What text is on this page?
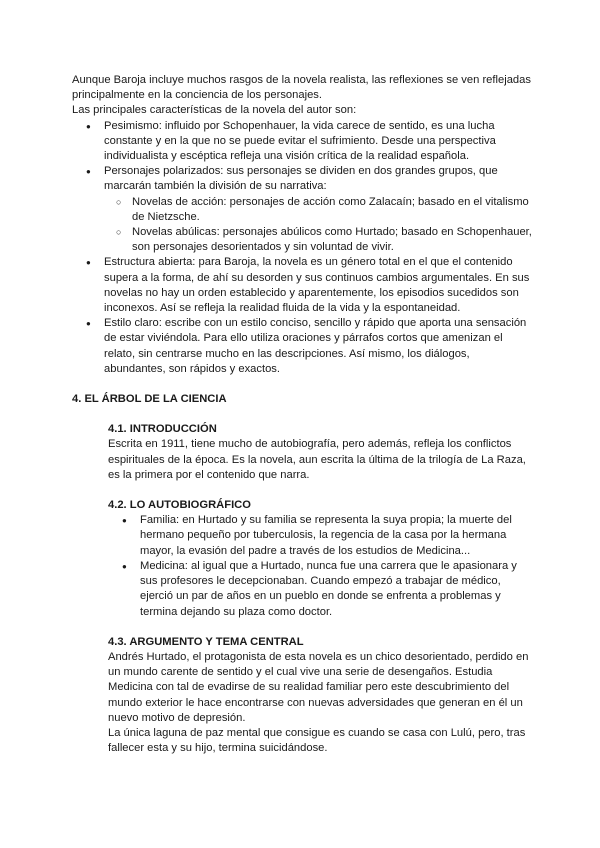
Aunque Baroja incluye muchos rasgos de la novela realista, las reflexiones se ven reflejadas principalmente en la conciencia de los personajes.

Las principales características de la novela del autor son:

● Pesimismo: influido por Schopenhauer, la vida carece de sentido, es una lucha constante y en la que no se puede evitar el sufrimiento. Desde una perspectiva individualista y escéptica refleja una visión crítica de la realidad española.
● Personajes polarizados: sus personajes se dividen en dos grandes grupos, que marcarán también la división de su narrativa:
○ Novelas de acción: personajes de acción como Zalacaín; basado en el vitalismo de Nietzsche.
○ Novelas abúlicas: personajes abúlicos como Hurtado; basado en Schopenhauer, son personajes desorientados y sin voluntad de vivir.
● Estructura abierta: para Baroja, la novela es un género total en el que el contenido supera a la forma, de ahí su desorden y sus continuos cambios argumentales. En sus novelas no hay un orden establecido y aparentemente, los episodios sucedidos son inconexos. Así se refleja la realidad fluida de la vida y la espontaneidad.
● Estilo claro: escribe con un estilo conciso, sencillo y rápido que aporta una sensación de estar viviéndola. Para ello utiliza oraciones y párrafos cortos que amenizan el relato, sin centrarse mucho en las descripciones. Así mismo, los diálogos, abundantes, son rápidos y exactos.
4. EL ÁRBOL DE LA CIENCIA
4.1. INTRODUCCIÓN

Escrita en 1911, tiene mucho de autobiografía, pero además, refleja los conflictos espirituales de la época. Es la novela, aun escrita la última de la trilogía de La Raza, es la primera por el contenido que narra.

4.2. LO AUTOBIOGRÁFICO
● Familia: en Hurtado y su familia se representa la suya propia; la muerte del hermano pequeño por tuberculosis, la regencia de la casa por la hermana mayor, la evasión del padre a través de los estudios de Medicina...
● Medicina: al igual que a Hurtado, nunca fue una carrera que le apasionara y sus profesores le decepcionaban. Cuando empezó a trabajar de médico, ejerció un par de años en un pueblo en donde se enfrenta a problemas y termina dejando su plaza como doctor.
4.3. ARGUMENTO Y TEMA CENTRAL

Andrés Hurtado, el protagonista de esta novela es un chico desorientado, perdido en un mundo carente de sentido y el cual vive una serie de desengaños. Estudia Medicina con tal de evadirse de su realidad familiar pero este descubrimiento del mundo exterior le hace encontrarse con nuevas adversidades que generan en él un nuevo motivo de depresión.

La única laguna de paz mental que consigue es cuando se casa con Lulú, pero, tras fallecer esta y su hijo, termina suicidándose.
